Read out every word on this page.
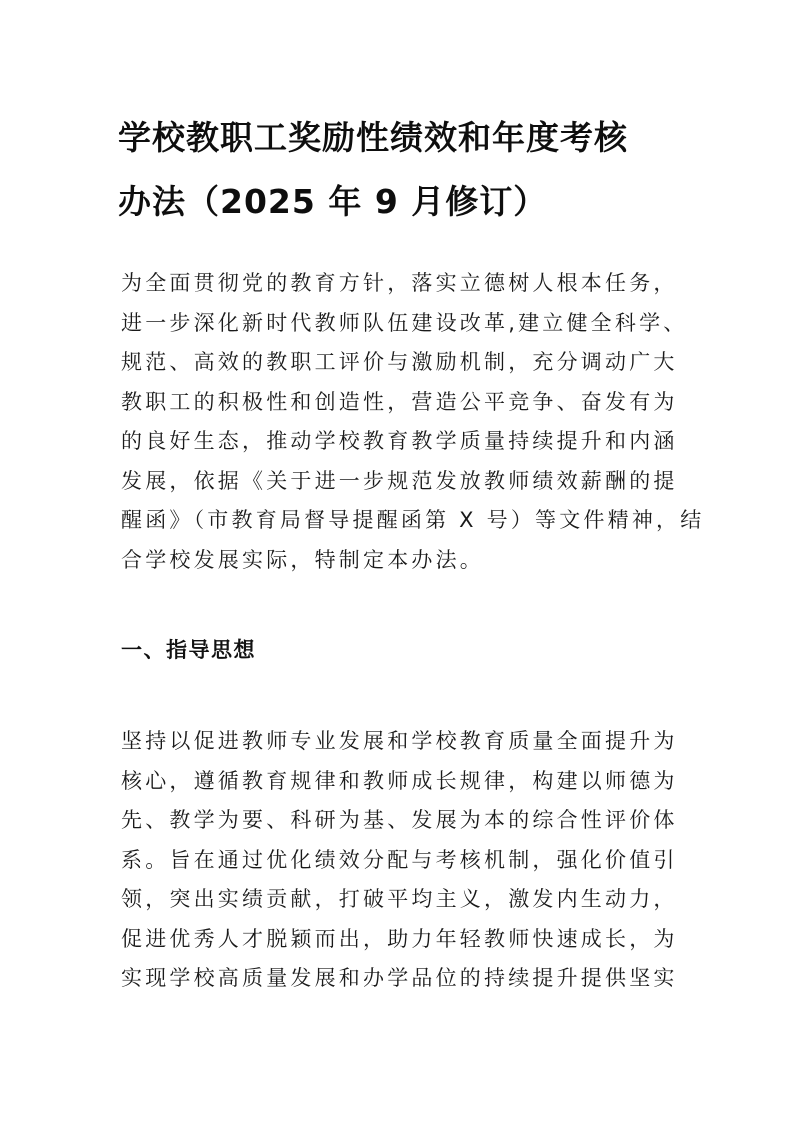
学校教职工奖励性绩效和年度考核
办法（2025 年 9 月修订）

为全面贯彻党的教育方针，落实立德树人根本任务，
进一步深化新时代教师队伍建设改革,建立健全科学、
规范、高效的教职工评价与激励机制，充分调动广大
教职工的积极性和创造性，营造公平竞争、奋发有为
的良好生态，推动学校教育教学质量持续提升和内涵
发展，依据《关于进一步规范发放教师绩效薪酬的提
醒函》（市教育局督导提醒函第 X 号）等文件精神，结
合学校发展实际，特制定本办法。

一、指导思想

坚持以促进教师专业发展和学校教育质量全面提升为
核心，遵循教育规律和教师成长规律，构建以师德为
先、教学为要、科研为基、发展为本的综合性评价体
系。旨在通过优化绩效分配与考核机制，强化价值引
领，突出实绩贡献，打破平均主义，激发内生动力，
促进优秀人才脱颖而出，助力年轻教师快速成长，为
实现学校高质量发展和办学品位的持续提升提供坚实
